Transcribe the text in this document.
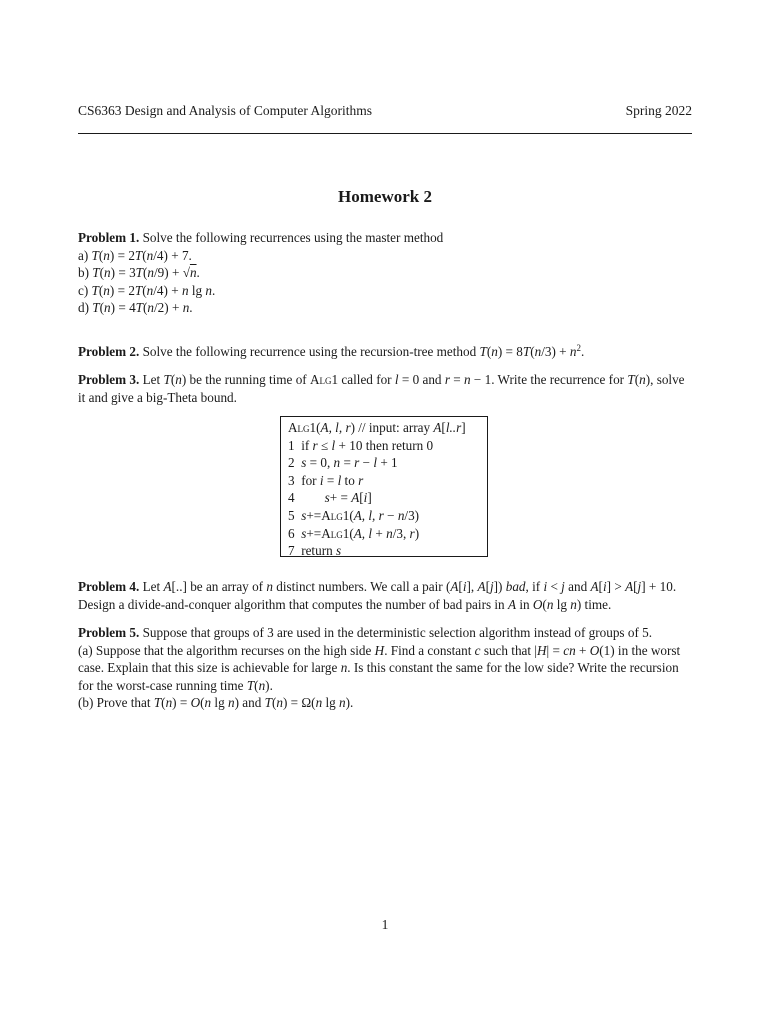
CS6363 Design and Analysis of Computer Algorithms	Spring 2022
Homework 2

Problem 1. Solve the following recurrences using the master method

a) T(n) = 2T(n/4) + 7.

b) T(n) = 3T(n/9) + √n.

c) T(n) = 2T(n/4) + n lg n.

d) T(n) = 4T(n/2) + n.

Problem 2. Solve the following recurrence using the recursion-tree method $T(n) = 8T(n/3) + n^2$.

Problem 3. Let T(n) be the running time of Alg1 called for l = 0 and r = n − 1. Write the recurrence for T(n), solve it and give a big-Theta bound.

Alg1(A, l, r) // input: array A[l..r]
1  if r ≤ l + 10 then return 0
2  s = 0, n = r − l + 1
3  for i = l to r
4 s+ = A[i]
5  s+=Alg1(A, l, r − n/3)
6  s+=Alg1(A, l + n/3, r)
7  return s

Problem 4. Let A[..] be an array of n distinct numbers. We call a pair (A[i], A[j]) bad, if i < j and A[i] > A[j] + 10. Design a divide-and-conquer algorithm that computes the number of bad pairs in A in O(n lg n) time.

Problem 5. Suppose that groups of 3 are used in the deterministic selection algorithm instead of groups of 5.

(a) Suppose that the algorithm recurses on the high side H. Find a constant c such that |H| = cn + O(1) in the worst case. Explain that this size is achievable for large n. Is this constant the same for the low side? Write the recursion for the worst-case running time T(n).

(b) Prove that T(n) = O(n lg n) and T(n) = Ω(n lg n).

1
